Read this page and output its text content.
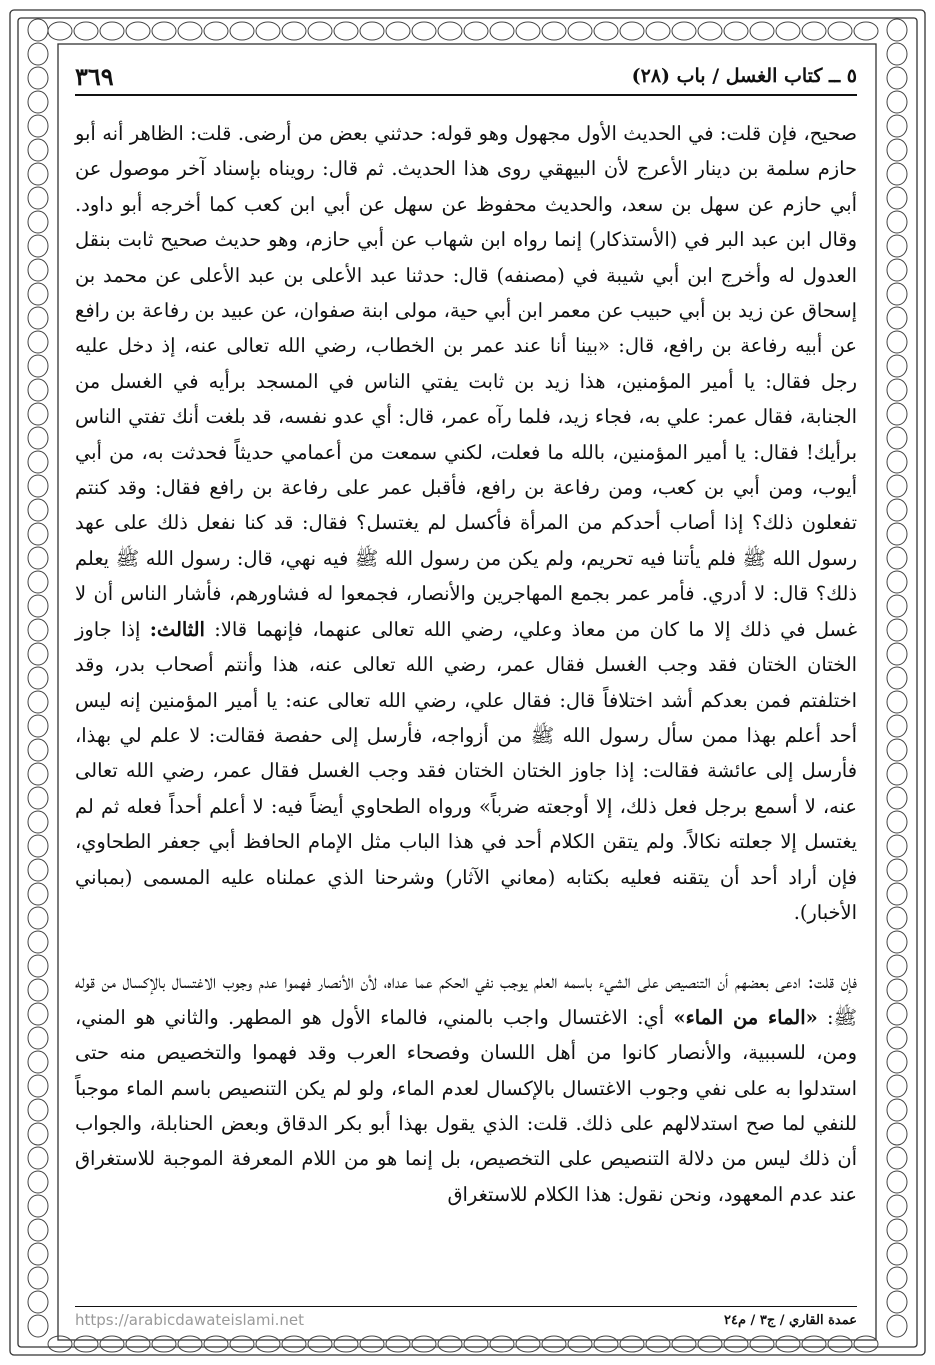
٥ ــ كتاب الغسل / باب (٢٨)
٣٦٩

صحيح، فإن قلت: في الحديث الأول مجهول وهو قوله: حدثني بعض من أرضى. قلت: الظاهر أنه أبو حازم سلمة بن دينار الأعرج لأن البيهقي روى هذا الحديث. ثم قال: رويناه بإسناد آخر موصول عن أبي حازم عن سهل بن سعد، والحديث محفوظ عن سهل عن أبي ابن كعب كما أخرجه أبو داود. وقال ابن عبد البر في (الأستذكار) إنما رواه ابن شهاب عن أبي حازم، وهو حديث صحيح ثابت بنقل العدول له وأخرج ابن أبي شيبة في (مصنفه) قال: حدثنا عبد الأعلى بن عبد الأعلى عن محمد بن إسحاق عن زيد بن أبي حبيب عن معمر ابن أبي حية، مولى ابنة صفوان، عن عبيد بن رفاعة بن رافع عن أبيه رفاعة بن رافع، قال: «بينا أنا عند عمر بن الخطاب، رضي الله تعالى عنه، إذ دخل عليه رجل فقال: يا أمير المؤمنين، هذا زيد بن ثابت يفتي الناس في المسجد برأيه في الغسل من الجنابة، فقال عمر: علي به، فجاء زيد، فلما رآه عمر، قال: أي عدو نفسه، قد بلغت أنك تفتي الناس برأيك! فقال: يا أمير المؤمنين، بالله ما فعلت، لكني سمعت من أعمامي حديثاً فحدثت به، من أبي أيوب، ومن أبي بن كعب، ومن رفاعة بن رافع، فأقبل عمر على رفاعة بن رافع فقال: وقد كنتم تفعلون ذلك؟ إذا أصاب أحدكم من المرأة فأكسل لم يغتسل؟ فقال: قد كنا نفعل ذلك على عهد رسول الله ﷺ فلم يأتنا فيه تحريم، ولم يكن من رسول الله ﷺ فيه نهي، قال: رسول الله ﷺ يعلم ذلك؟ قال: لا أدري. فأمر عمر بجمع المهاجرين والأنصار، فجمعوا له فشاورهم، فأشار الناس أن لا غسل في ذلك إلا ما كان من معاذ وعلي، رضي الله تعالى عنهما، فإنهما قالا: الثالث: إذا جاوز الختان الختان فقد وجب الغسل فقال عمر، رضي الله تعالى عنه، هذا وأنتم أصحاب بدر، وقد اختلفتم فمن بعدكم أشد اختلافاً قال: فقال علي، رضي الله تعالى عنه: يا أمير المؤمنين إنه ليس أحد أعلم بهذا ممن سأل رسول الله ﷺ من أزواجه، فأرسل إلى حفصة فقالت: لا علم لي بهذا، فأرسل إلى عائشة فقالت: إذا جاوز الختان الختان فقد وجب الغسل فقال عمر، رضي الله تعالى عنه، لا أسمع برجل فعل ذلك، إلا أوجعته ضرباً» ورواه الطحاوي أيضاً فيه: لا أعلم أحداً فعله ثم لم يغتسل إلا جعلته نكالاً. ولم يتقن الكلام أحد في هذا الباب مثل الإمام الحافظ أبي جعفر الطحاوي، فإن أراد أحد أن يتقنه فعليه بكتابه (معاني الآثار) وشرحنا الذي عملناه عليه المسمى (بمباني الأخبار).

فإن قلت: ادعى بعضهم أن التنصيص على الشيء باسمه العلم يوجب نفي الحكم عما عداه، لأن الأنصار فهموا عدم وجوب الاغتسال بالإكسال من قوله ﷺ: «الماء من الماء» أي: الاغتسال واجب بالمني، فالماء الأول هو المطهر. والثاني هو المني، ومن، للسببية، والأنصار كانوا من أهل اللسان وفصحاء العرب وقد فهموا والتخصيص منه حتى استدلوا به على نفي وجوب الاغتسال بالإكسال لعدم الماء، ولو لم يكن التنصيص باسم الماء موجباً للنفي لما صح استدلالهم على ذلك. قلت: الذي يقول بهذا أبو بكر الدقاق وبعض الحنابلة، والجواب أن ذلك ليس من دلالة التنصيص على التخصيص، بل إنما هو من اللام المعرفة الموجبة للاستغراق عند عدم المعهود، ونحن نقول: هذا الكلام للاستغراق

عمدة القاري / ج٣ / م٢٤
https://arabicdawateislami.net
